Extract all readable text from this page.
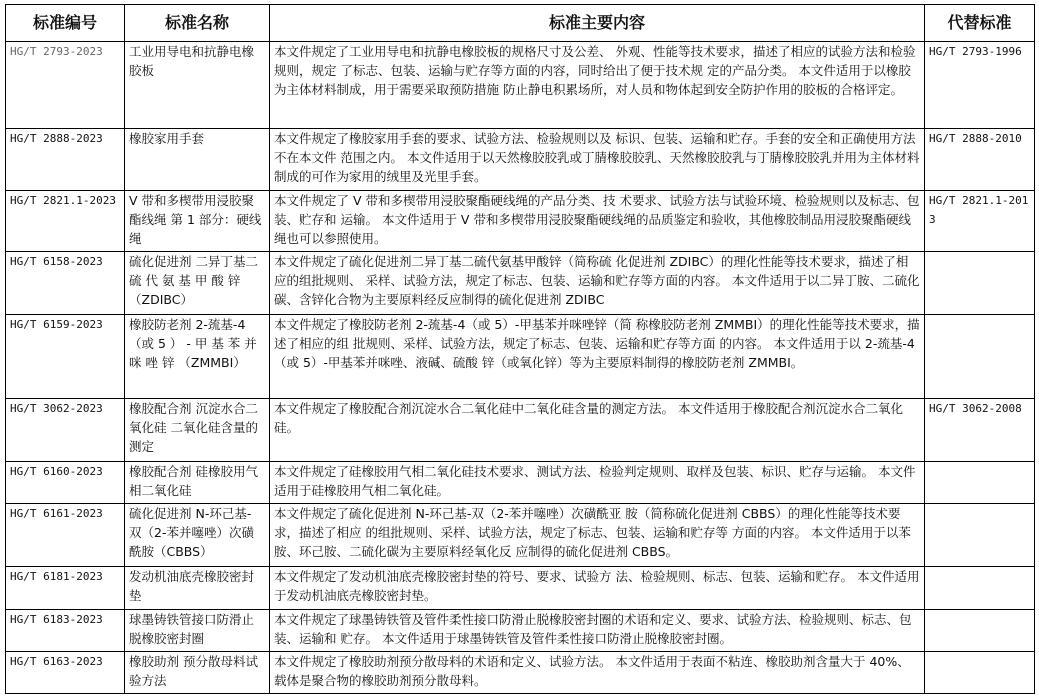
标准编号	标准名称	标准主要内容	代替标准
HG/T 2793-2023	工业用导电和抗静电橡 胶板	本文件规定了工业用导电和抗静电橡胶板的规格尺寸及公差、 外观、性能等技术要求，描述了相应的试验方法和检验规则，规定 了标志、包装、运输与贮存等方面的内容，同时给出了便于技术规 定的产品分类。 本文件适用于以橡胶为主体材料制成，用于需要采取预防措施 防止静电积累场所，对人员和物体起到安全防护作用的胶板的合格评定。	HG/T 2793-1996
HG/T 2888-2023	橡胶家用手套	本文件规定了橡胶家用手套的要求、试验方法、检验规则以及 标识、包装、运输和贮存。手套的安全和正确使用方法不在本文件 范围之内。 本文件适用于以天然橡胶胶乳或丁腈橡胶胶乳、天然橡胶胶乳与丁腈橡胶胶乳并用为主体材料制成的可作为家用的绒里及光里手套。	HG/T 2888-2010
HG/T 2821.1-2023	V 带和多楔带用浸胶聚 酯线绳 第 1 部分：硬线 绳	本文件规定了 V 带和多楔带用浸胶聚酯硬线绳的产品分类、技 术要求、试验方法与试验环境、检验规则以及标志、包装、贮存和 运输。 本文件适用于 V 带和多楔带用浸胶聚酯硬线绳的品质鉴定和验收，其他橡胶制品用浸胶聚酯硬线绳也可以参照使用。	HG/T 2821.1-2013
HG/T 6158-2023	硫化促进剂 二异丁基二 硫 代 氨 基 甲 酸 锌 （ZDIBC）	本文件规定了硫化促进剂二异丁基二硫代氨基甲酸锌（简称硫 化促进剂 ZDIBC）的理化性能等技术要求，描述了相应的组批规则、 采样、试验方法，规定了标志、包装、运输和贮存等方面的内容。 本文件适用于以二异丁胺、二硫化碳、含锌化合物为主要原料经反应制得的硫化促进剂 ZDIBC	
HG/T 6159-2023	橡胶防老剂 2-巯基-4（或 5 ） - 甲 基 苯 并 咪 唑 锌 （ZMMBI）	本文件规定了橡胶防老剂 2-巯基-4（或 5）-甲基苯并咪唑锌（简 称橡胶防老剂 ZMMBI）的理化性能等技术要求，描述了相应的组 批规则、采样、试验方法，规定了标志、包装、运输和贮存等方面 的内容。 本文件适用于以 2-巯基-4（或 5）-甲基苯并咪唑、液碱、硫酸 锌（或氧化锌）等为主要原料制得的橡胶防老剂 ZMMBI。	
HG/T 3062-2023	橡胶配合剂 沉淀水合二 氧化硅 二氧化硅含量的测定	本文件规定了橡胶配合剂沉淀水合二氧化硅中二氧化硅含量的测定方法。 本文件适用于橡胶配合剂沉淀水合二氧化硅。	HG/T 3062-2008
HG/T 6160-2023	橡胶配合剂 硅橡胶用气 相二氧化硅	本文件规定了硅橡胶用气相二氧化硅技术要求、测试方法、检验判定规则、取样及包装、标识、贮存与运输。 本文件适用于硅橡胶用气相二氧化硅。	
HG/T 6161-2023	硫化促进剂 N-环己基- 双（2-苯并噻唑）次磺酰胺（CBBS）	本文件规定了硫化促进剂 N-环己基-双（2-苯并噻唑）次磺酰亚 胺（简称硫化促进剂 CBBS）的理化性能等技术要求，描述了相应 的组批规则、采样、试验方法，规定了标志、包装、运输和贮存等 方面的内容。 本文件适用于以苯胺、环己胺、二硫化碳为主要原料经氧化反 应制得的硫化促进剂 CBBS。	
HG/T 6181-2023	发动机油底壳橡胶密封垫	本文件规定了发动机油底壳橡胶密封垫的符号、要求、试验方 法、检验规则、标志、包装、运输和贮存。 本文件适用于发动机油底壳橡胶密封垫。	
HG/T 6183-2023	球墨铸铁管接口防滑止脱橡胶密封圈	本文件规定了球墨铸铁管及管件柔性接口防滑止脱橡胶密封圈的术语和定义、要求、试验方法、检验规则、标志、包装、运输和 贮存。 本文件适用于球墨铸铁管及管件柔性接口防滑止脱橡胶密封圈。	
HG/T 6163-2023	橡胶助剂 预分散母料试验方法	本文件规定了橡胶助剂预分散母料的术语和定义、试验方法。 本文件适用于表面不粘连、橡胶助剂含量大于 40%、载体是聚合物的橡胶助剂预分散母料。	
